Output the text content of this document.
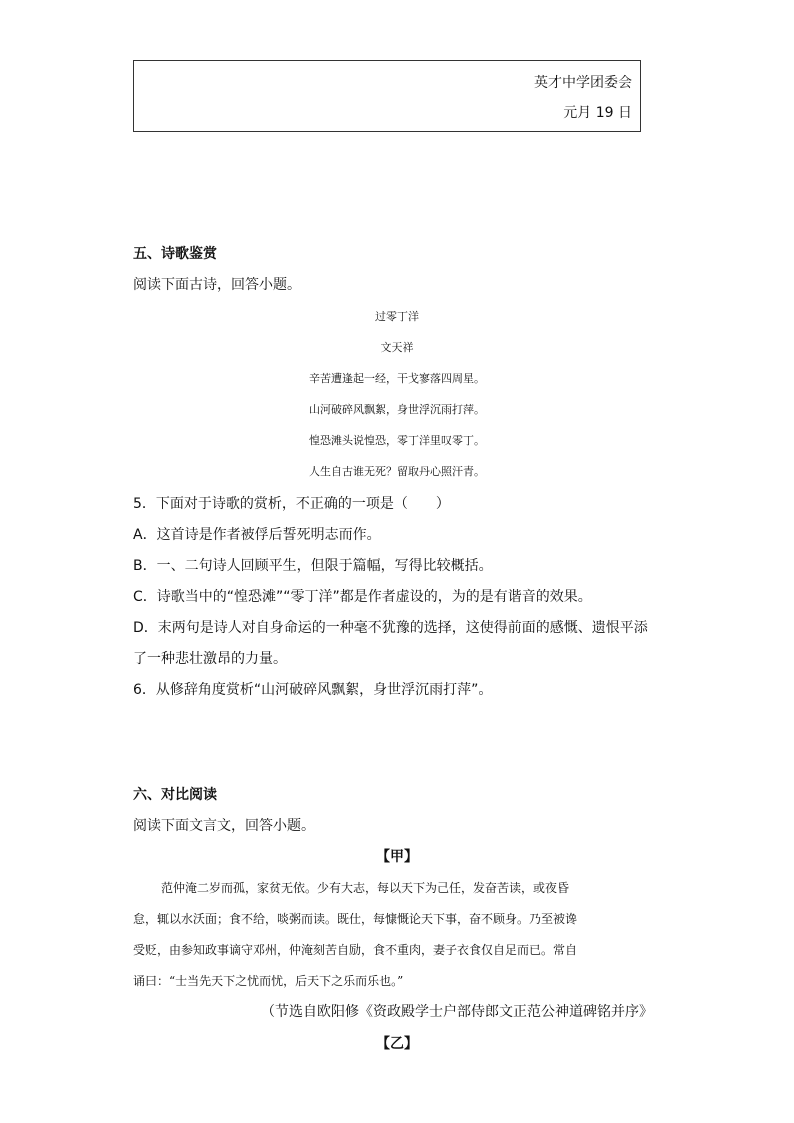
英才中学团委会
元月 19 日
五、诗歌鉴赏
阅读下面古诗，回答小题。
过零丁洋
文天祥
辛苦遭逢起一经，干戈寥落四周星。
山河破碎风飘絮，身世浮沉雨打萍。
惶恐滩头说惶恐，零丁洋里叹零丁。
人生自古谁无死？留取丹心照汗青。
5．下面对于诗歌的赏析，不正确的一项是（　　）
A．这首诗是作者被俘后誓死明志而作。
B．一、二句诗人回顾平生，但限于篇幅，写得比较概括。
C．诗歌当中的“惶恐滩”“零丁洋”都是作者虚设的，为的是有谐音的效果。
D．末两句是诗人对自身命运的一种毫不犹豫的选择，这使得前面的感慨、遗恨平添
了一种悲壮激昂的力量。
6．从修辞角度赏析“山河破碎风飘絮，身世浮沉雨打萍”。
六、对比阅读
阅读下面文言文，回答小题。
【甲】
范仲淹二岁而孤，家贫无依。少有大志，每以天下为己任，发奋苦读，或夜昏
怠，辄以水沃面；食不给，啖粥而读。既仕，每慷慨论天下事，奋不顾身。乃至被谗
受贬，由参知政事谪守邓州，仲淹刻苦自励，食不重肉，妻子衣食仅自足而已。常自
诵曰：“士当先天下之忧而忧，后天下之乐而乐也。”
（节选自欧阳修《资政殿学士户部侍郎文正范公神道碑铭并序》
【乙】
